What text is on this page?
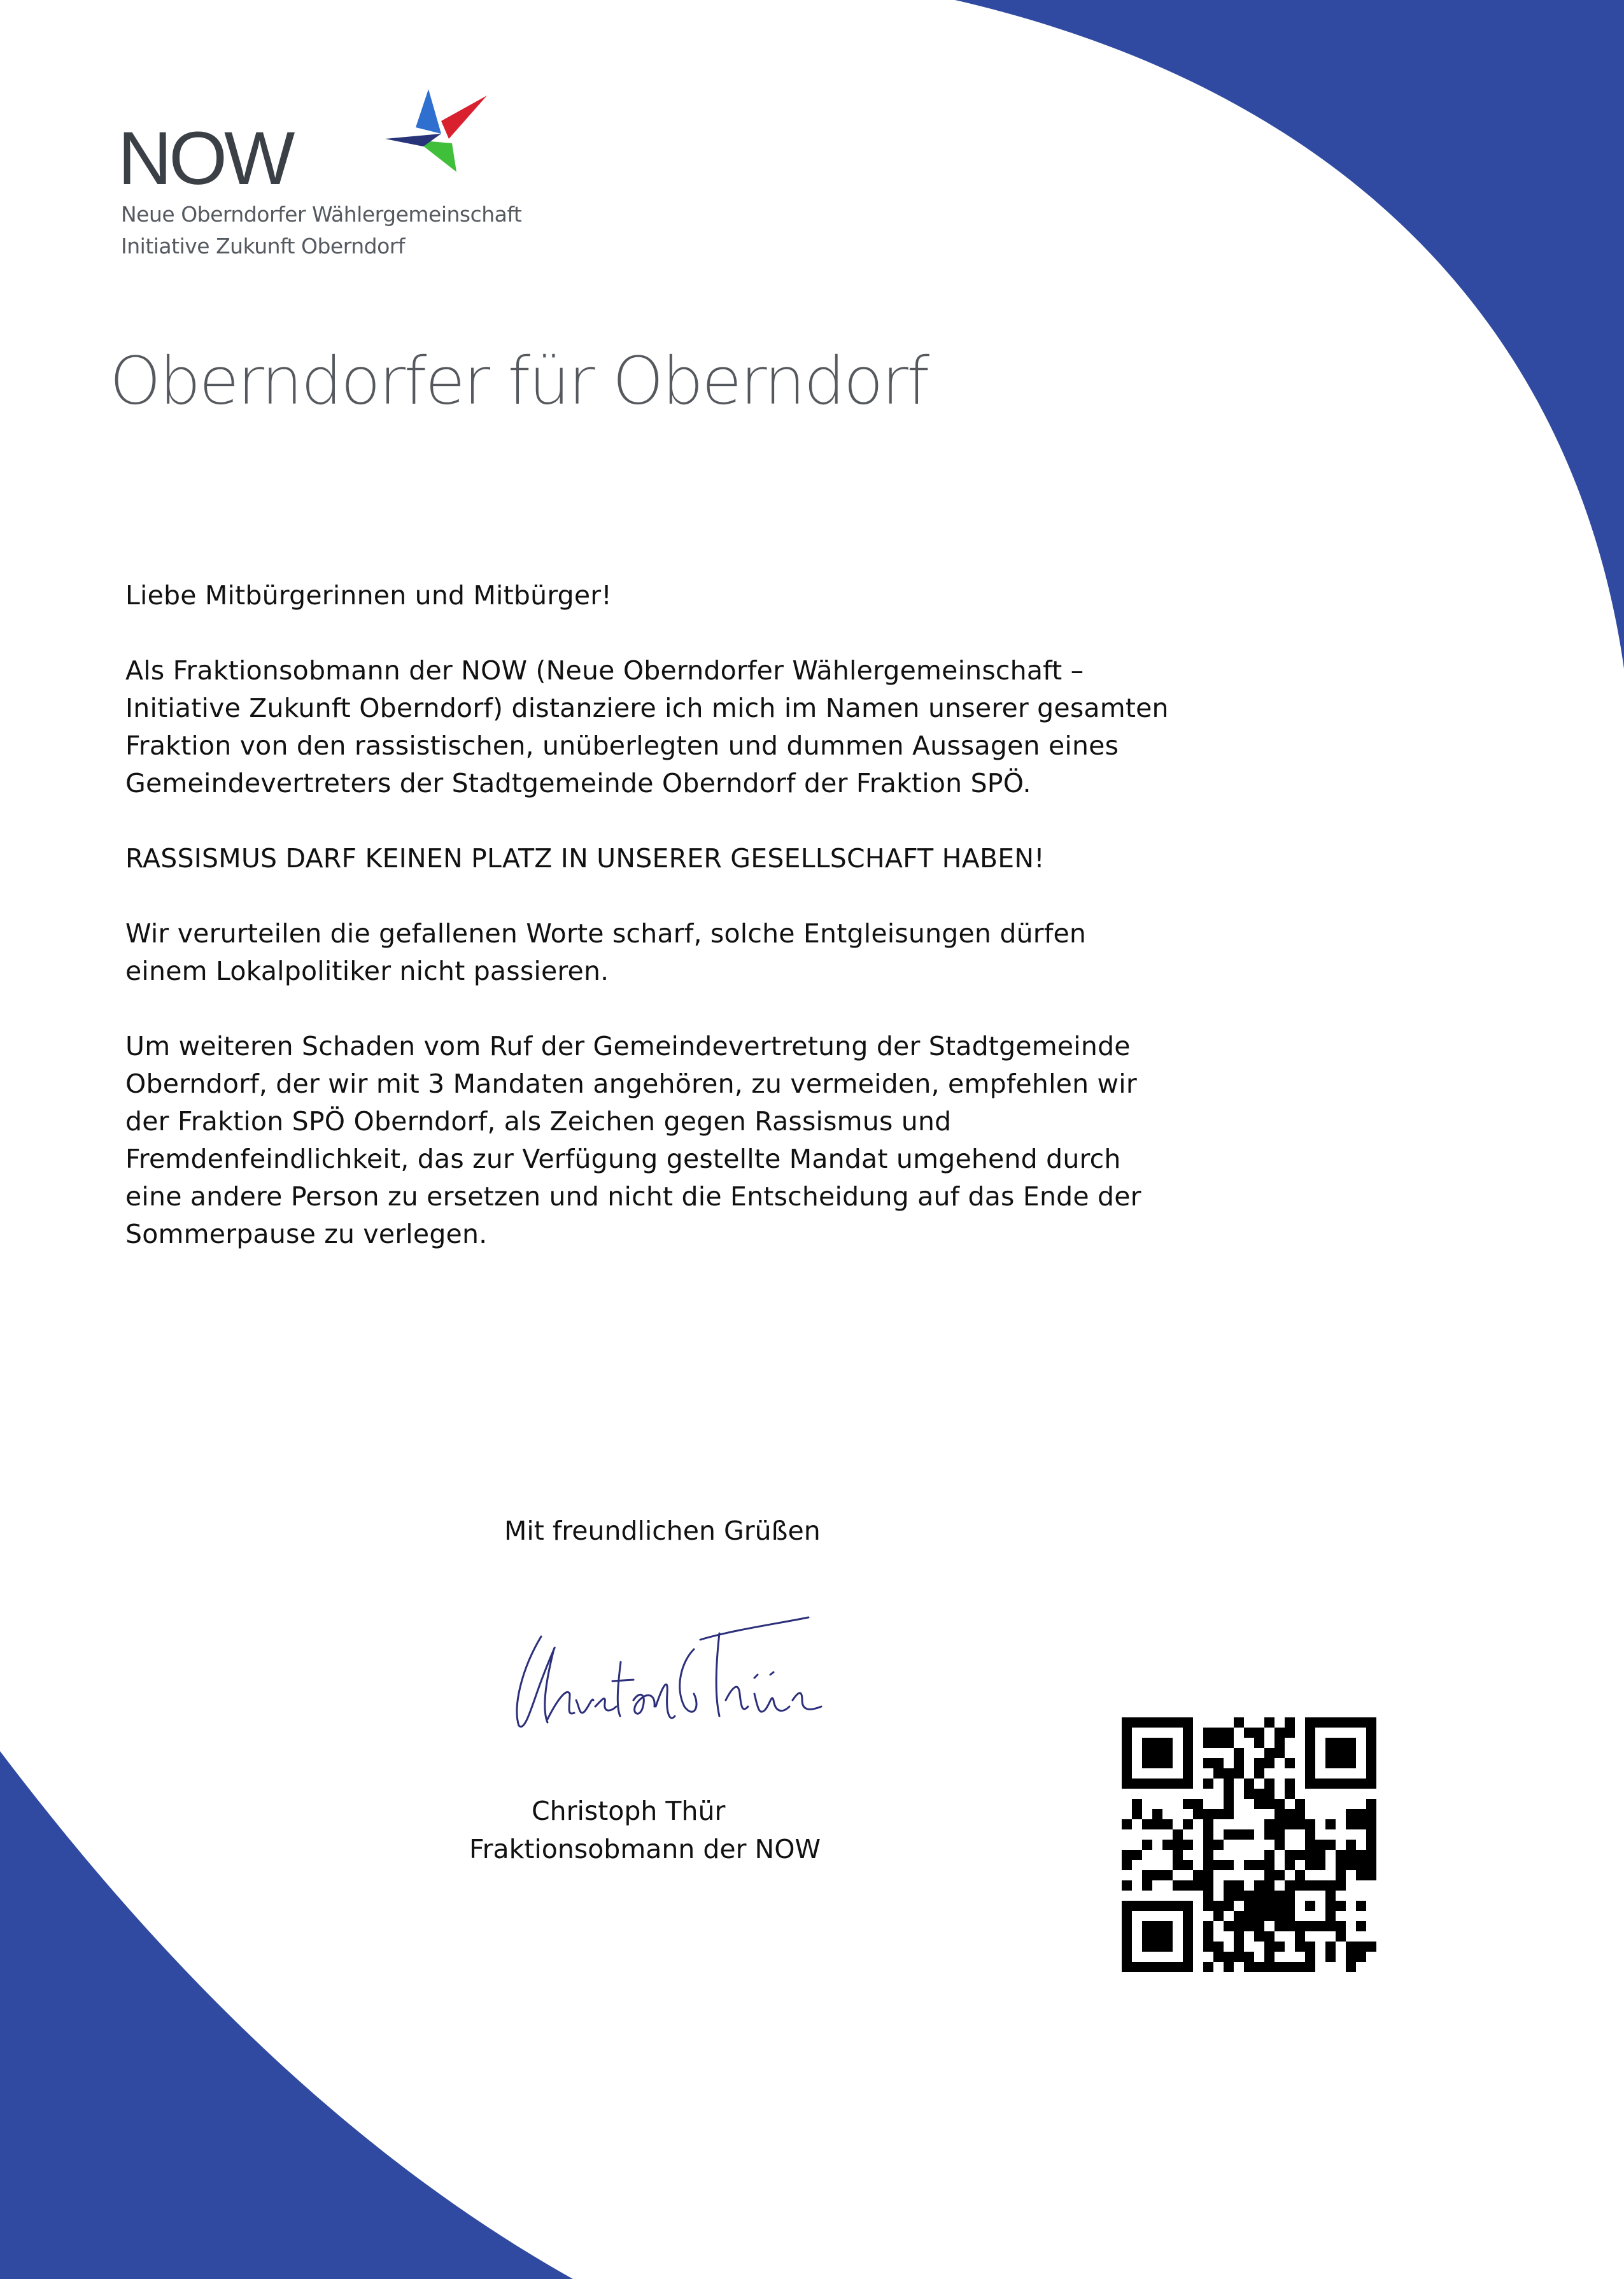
NOW
Neue Oberndorfer Wählergemeinschaft
Initiative Zukunft Oberndorf
Oberndorfer für Oberndorf

Liebe Mitbürgerinnen und Mitbürger!

Als Fraktionsobmann der NOW (Neue Oberndorfer Wählergemeinschaft –

Initiative Zukunft Oberndorf) distanziere ich mich im Namen unserer gesamten

Fraktion von den rassistischen, unüberlegten und dummen Aussagen eines

Gemeindevertreters der Stadtgemeinde Oberndorf der Fraktion SPÖ.

RASSISMUS DARF KEINEN PLATZ IN UNSERER GESELLSCHAFT HABEN!

Wir verurteilen die gefallenen Worte scharf, solche Entgleisungen dürfen

einem Lokalpolitiker nicht passieren.

Um weiteren Schaden vom Ruf der Gemeindevertretung der Stadtgemeinde

Oberndorf, der wir mit 3 Mandaten angehören, zu vermeiden, empfehlen wir

der Fraktion SPÖ Oberndorf, als Zeichen gegen Rassismus und

Fremdenfeindlichkeit, das zur Verfügung gestellte Mandat umgehend durch

eine andere Person zu ersetzen und nicht die Entscheidung auf das Ende der

Sommerpause zu verlegen.

Mit freundlichen Grüßen
Christoph Thür
Fraktionsobmann der NOW
